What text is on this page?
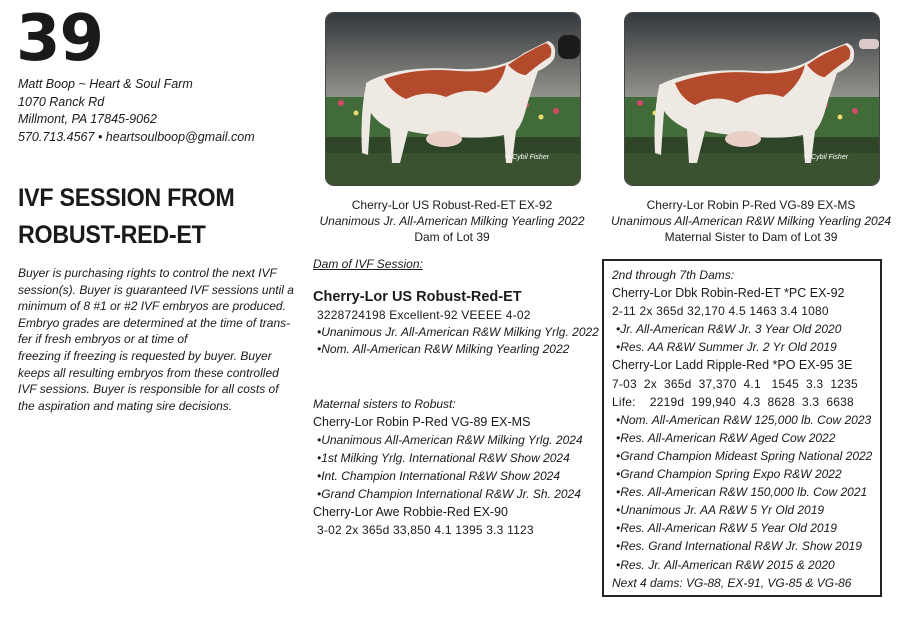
39
Matt Boop ~ Heart & Soul Farm
1070 Ranck Rd
Millmont, PA 17845-9062
570.713.4567 • heartsoulboop@gmail.com
IVF SESSION FROM
ROBUST-RED-ET
Buyer is purchasing rights to control the next IVF
session(s). Buyer is guaranteed IVF sessions until a
minimum of 8 #1 or #2 IVF embryos are produced.
Embryo grades are determined at the time of trans-
fer if fresh embryos or at time of
freezing if freezing is requested by buyer. Buyer
keeps all resulting embryos from these controlled
IVF sessions. Buyer is responsible for all costs of
the aspiration and mating sire decisions.
© Cybil Fisher	© Cybil Fisher
Cherry-Lor US Robust-Red-ET EX-92
Unanimous Jr. All-American Milking Yearling 2022
Dam of Lot 39
Cherry-Lor Robin P-Red VG-89 EX-MS
Unanimous All-American R&W Milking Yearling 2024
Maternal Sister to Dam of Lot 39
Dam of IVF Session:
Cherry-Lor US Robust-Red-ET
3228724198 Excellent-92 VEEEE 4-02
•Unanimous Jr. All-American R&W Milking Yrlg. 2022
•Nom. All-American R&W Milking Yearling 2022
Maternal sisters to Robust:
Cherry-Lor Robin P-Red VG-89 EX-MS
•Unanimous All-American R&W Milking Yrlg. 2024
•1st Milking Yrlg. International R&W Show 2024
•Int. Champion International R&W Show 2024
•Grand Champion International R&W Jr. Sh. 2024
Cherry-Lor Awe Robbie-Red EX-90
3-02 2x 365d 33,850 4.1 1395 3.3 1123
2nd through 7th Dams:
Cherry-Lor Dbk Robin-Red-ET *PC EX-92
2-11 2x 365d 32,170 4.5 1463 3.4 1080
•Jr. All-American R&W Jr. 3 Year Old 2020
•Res. AA R&W Summer Jr. 2 Yr Old 2019
Cherry-Lor Ladd Ripple-Red *PO EX-95 3E
7-03  2x  365d  37,370  4.1   1545  3.3  1235
Life:    2219d  199,940  4.3  8628  3.3  6638
•Nom. All-American R&W 125,000 lb. Cow 2023
•Res. All-American R&W Aged Cow 2022
•Grand Champion Mideast Spring National 2022
•Grand Champion Spring Expo R&W 2022
•Res. All-American R&W 150,000 lb. Cow 2021
•Unanimous Jr. AA R&W 5 Yr Old 2019
•Res. All-American R&W 5 Year Old 2019
•Res. Grand International R&W Jr. Show 2019
•Res. Jr. All-American R&W 2015 & 2020
Next 4 dams: VG-88, EX-91, VG-85 & VG-86
